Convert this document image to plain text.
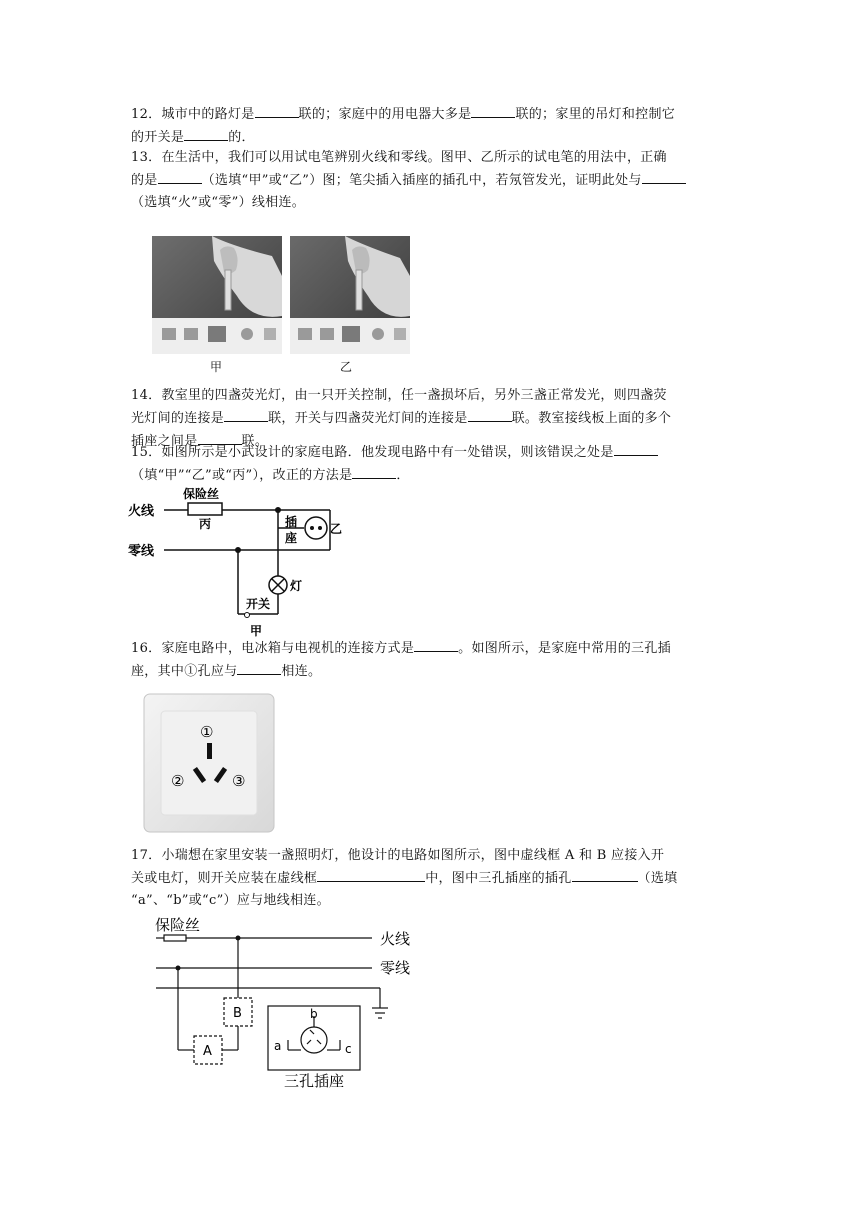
12．城市中的路灯是	联的；家庭中的用电器大多是	联的；家里的吊灯和控制它

的开关是	的．

13．在生活中，我们可以用试电笔辨别火线和零线。图甲、乙所示的试电笔的用法中，正确

的是	（选填“甲”或“乙”）图；笔尖插入插座的插孔中，若氖管发光，证明此处与

（选填“火”或“零”）线相连。

甲	乙

14．教室里的四盏荧光灯，由一只开关控制，任一盏损坏后，另外三盏正常发光，则四盏荧

光灯间的连接是	联，开关与四盏荧光灯间的连接是	联。教室接线板上面的多个

插座之间是	联。

15．如图所示是小武设计的家庭电路．他发现电路中有一处错误，则该错误之处是

（填“甲”“乙”或“丙”），改正的方法是	．

火线
零线
保险丝
丙	插
座
乙
灯
开关
甲

16．家庭电路中，电冰箱与电视机的连接方式是	。如图所示，是家庭中常用的三孔插

座，其中①孔应与	相连。

①
②	③

17．小瑞想在家里安装一盏照明灯，他设计的电路如图所示，图中虚线框 A 和 B 应接入开

关或电灯，则开关应装在虚线框	中，图中三孔插座的插孔	（选填

“a”、“b”或“c”）应与地线相连。

保险丝
火线
零线
B
A
b
a	c
三孔插座
